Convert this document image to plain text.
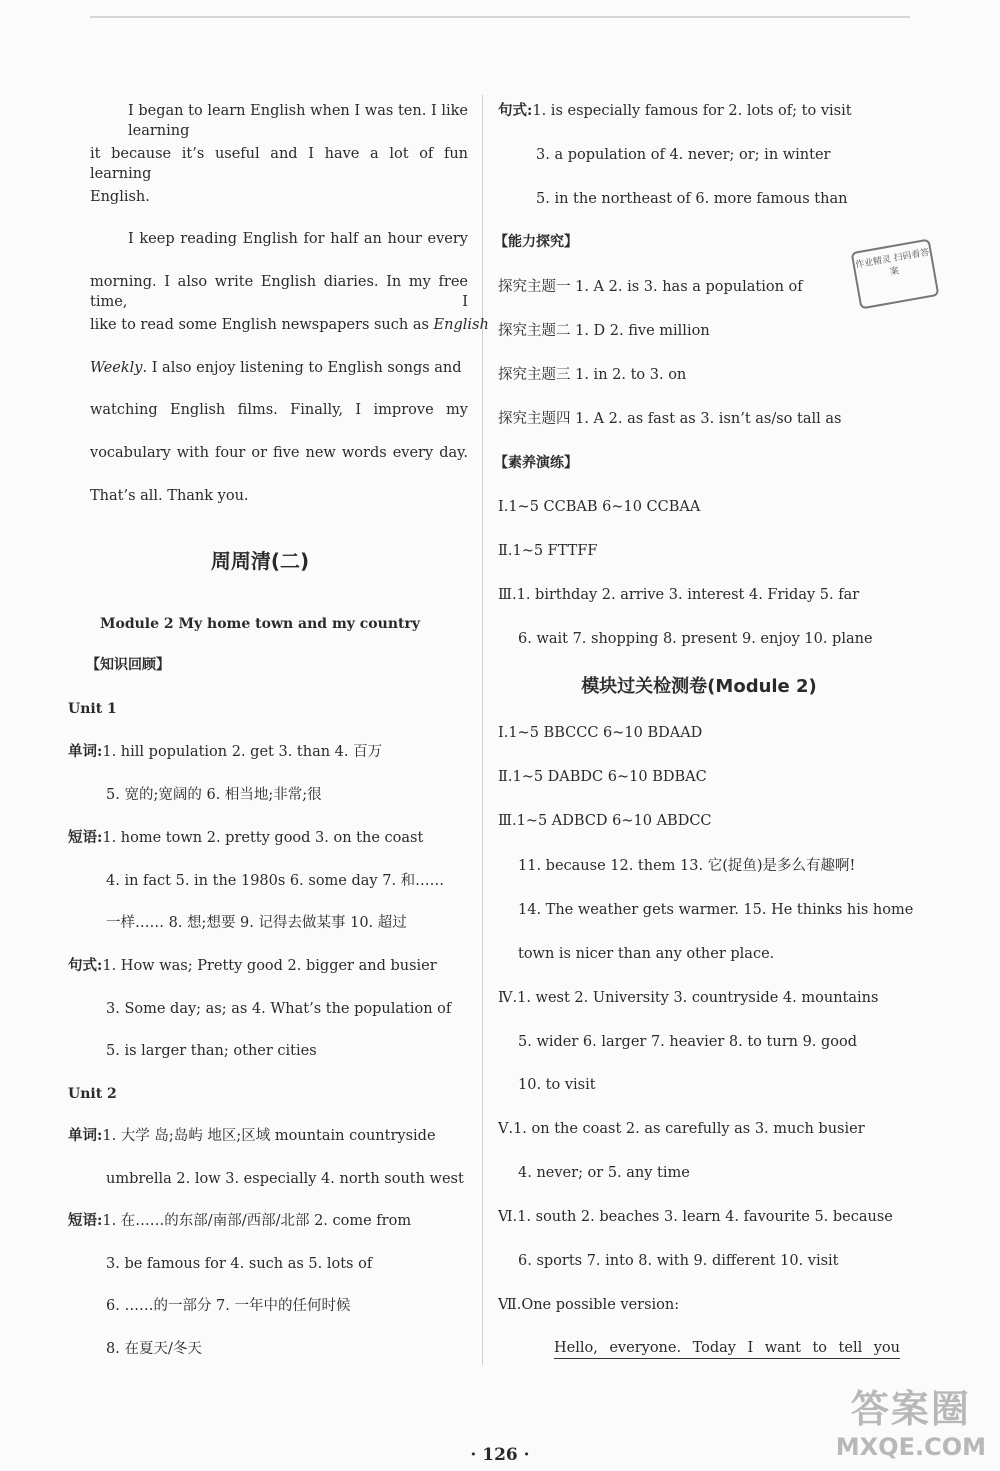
I began to learn English when I was ten. I like learning
it because it’s useful and I have a lot of fun learning
English.
I keep reading English for half an hour every
morning. I also write English diaries. In my free time, I
like to read some English newspapers such as English
Weekly. I also enjoy listening to English songs and
watching English films. Finally, I improve my
vocabulary with four or five new words every day.
That’s all. Thank you.
周周清(二)
Module 2 My home town and my country
【知识回顾】
Unit 1
单词:1. hill population 2. get 3. than 4. 百万
5. 宽的;宽阔的 6. 相当地;非常;很
短语:1. home town 2. pretty good 3. on the coast
4. in fact 5. in the 1980s 6. some day 7. 和……
一样…… 8. 想;想要 9. 记得去做某事 10. 超过
句式:1. How was; Pretty good 2. bigger and busier
3. Some day; as; as 4. What’s the population of
5. is larger than; other cities
Unit 2
单词:1. 大学 岛;岛屿 地区;区域 mountain countryside
umbrella 2. low 3. especially 4. north south west
短语:1. 在……的东部/南部/西部/北部 2. come from
3. be famous for 4. such as 5. lots of
6. ……的一部分 7. 一年中的任何时候
8. 在夏天/冬天
句式:1. is especially famous for 2. lots of; to visit
3. a population of 4. never; or; in winter
5. in the northeast of 6. more famous than
【能力探究】
探究主题一 1. A 2. is 3. has a population of
探究主题二 1. D 2. five million
探究主题三 1. in 2. to 3. on
探究主题四 1. A 2. as fast as 3. isn’t as/so tall as
【素养演练】
Ⅰ.1~5 CCBAB 6~10 CCBAA
Ⅱ.1~5 FTTFF
Ⅲ.1. birthday 2. arrive 3. interest 4. Friday 5. far
6. wait 7. shopping 8. present 9. enjoy 10. plane
模块过关检测卷(Module 2)
Ⅰ.1~5 BBCCC 6~10 BDAAD
Ⅱ.1~5 DABDC 6~10 BDBAC
Ⅲ.1~5 ADBCD 6~10 ABDCC
11. because 12. them 13. 它(捉鱼)是多么有趣啊!
14. The weather gets warmer. 15. He thinks his home
town is nicer than any other place.
Ⅳ.1. west 2. University 3. countryside 4. mountains
5. wider 6. larger 7. heavier 8. to turn 9. good
10. to visit
Ⅴ.1. on the coast 2. as carefully as 3. much busier
4. never; or 5. any time
Ⅵ.1. south 2. beaches 3. learn 4. favourite 5. because
6. sports 7. into 8. with 9. different 10. visit
Ⅶ.One possible version:
Hello, everyone. Today I want to tell you
作业精灵 扫码看答案
· 126 ·
答案圈
MXQE.COM
